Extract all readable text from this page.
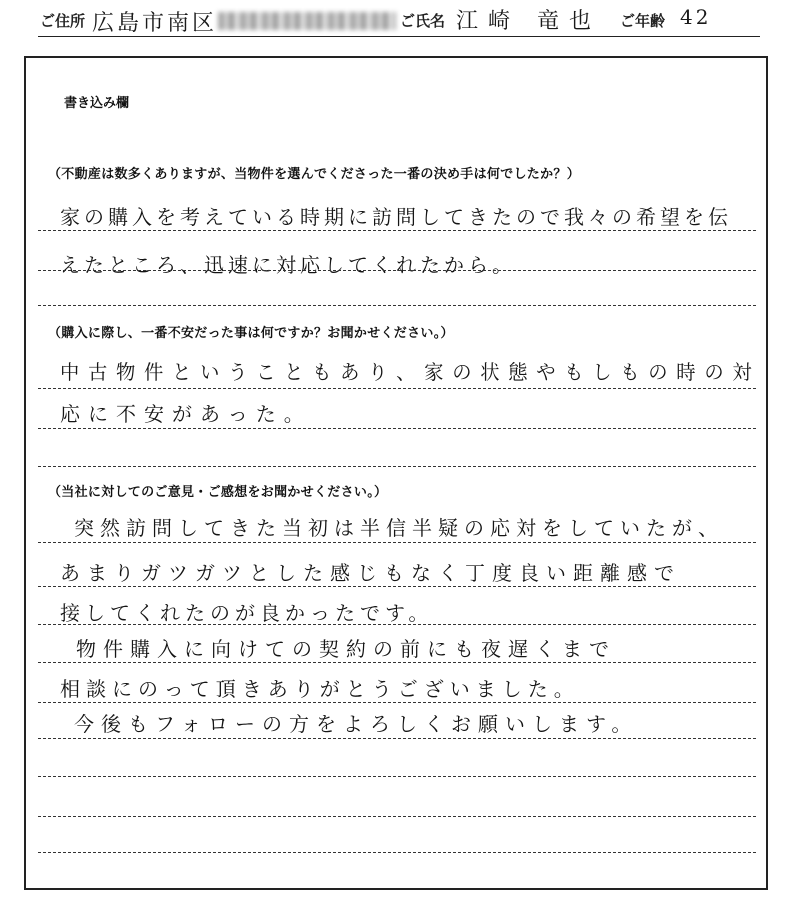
ご住所 広島市南区	ご氏名 江崎 竜也 ご年齢 42
書き込み欄
（不動産は数多くありますが、当物件を選んでくださった一番の決め手は何でしたか？）
家の購入を考えている時期に訪問してきたので我々の希望を伝
えたところ、迅速に対応してくれたから。
（購入に際し、一番不安だった事は何ですか？お聞かせください。）
中古物件ということもあり、家の状態やもしもの時の対
応に不安があった。
（当社に対してのご意見・ご感想をお聞かせください。）
突然訪問してきた当初は半信半疑の応対をしていたが、
あまりガツガツとした感じもなく丁度良い距離感で
接してくれたのが良かったです。
物件購入に向けての契約の前にも夜遅くまで
相談にのって頂きありがとうございました。
今後もフォローの方をよろしくお願いします。
